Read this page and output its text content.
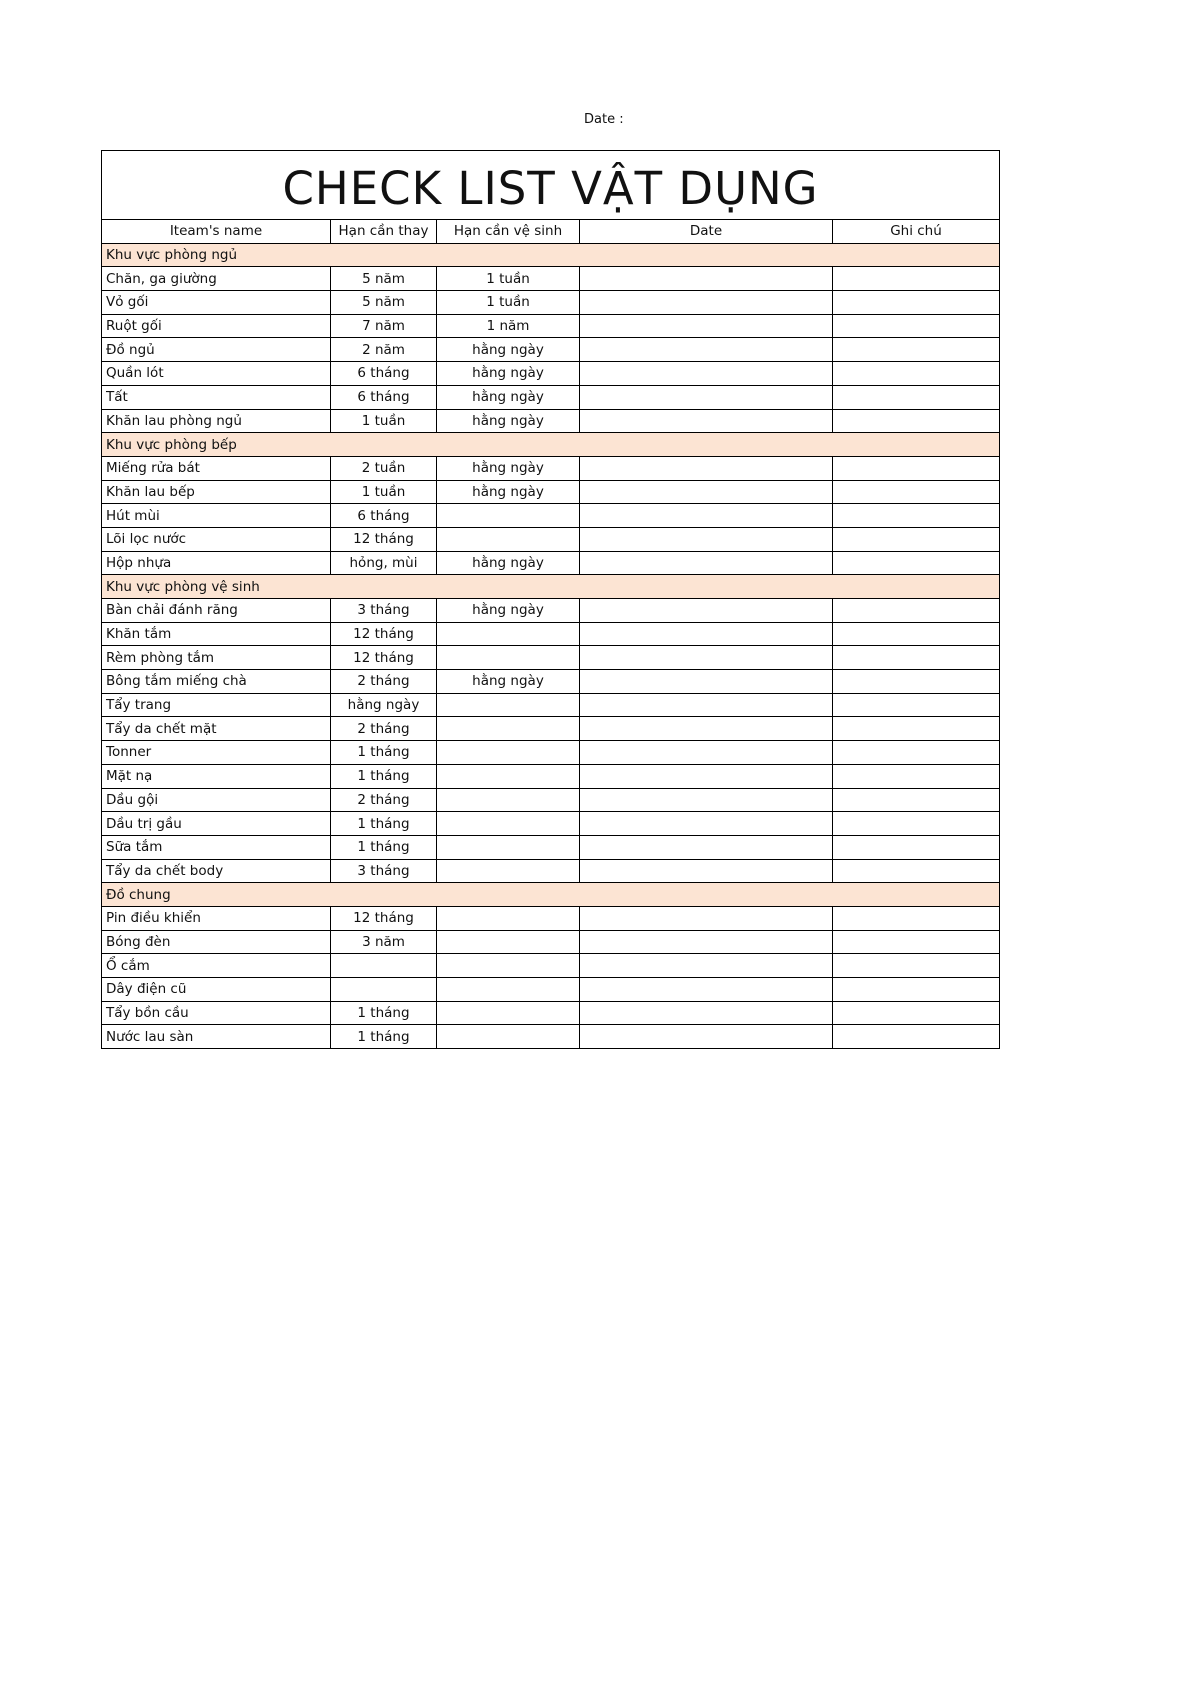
Date :
CHECK LIST VẬT DỤNG				
Iteam's name	Hạn cần thay	Hạn cần vệ sinh	Date	Ghi chú
Khu vực phòng ngủ				
Chăn, ga giường	5 năm	1 tuần		
Vỏ gối	5 năm	1 tuần		
Ruột gối	7 năm	1 năm		
Đồ ngủ	2 năm	hằng ngày		
Quần lót	6 tháng	hằng ngày		
Tất	6 tháng	hằng ngày		
Khăn lau phòng ngủ	1 tuần	hằng ngày		
Khu vực phòng bếp				
Miếng rửa bát	2 tuần	hằng ngày		
Khăn lau bếp	1 tuần	hằng ngày		
Hút mùi	6 tháng			
Lõi lọc nước	12 tháng			
Hộp nhựa	hỏng, mùi	hằng ngày		
Khu vực phòng vệ sinh				
Bàn chải đánh răng	3 tháng	hằng ngày		
Khăn tắm	12 tháng			
Rèm phòng tắm	12 tháng			
Bông tắm miếng chà	2 tháng	hằng ngày		
Tẩy trang	hằng ngày			
Tẩy da chết mặt	2 tháng			
Tonner	1 tháng			
Mặt nạ	1 tháng			
Dầu gội	2 tháng			
Dầu trị gầu	1 tháng			
Sữa tắm	1 tháng			
Tẩy da chết body	3 tháng			
Đồ chung				
Pin điều khiển	12 tháng			
Bóng đèn	3 năm			
Ổ cắm				
Dây điện cũ				
Tẩy bồn cầu	1 tháng			
Nước lau sàn	1 tháng			
